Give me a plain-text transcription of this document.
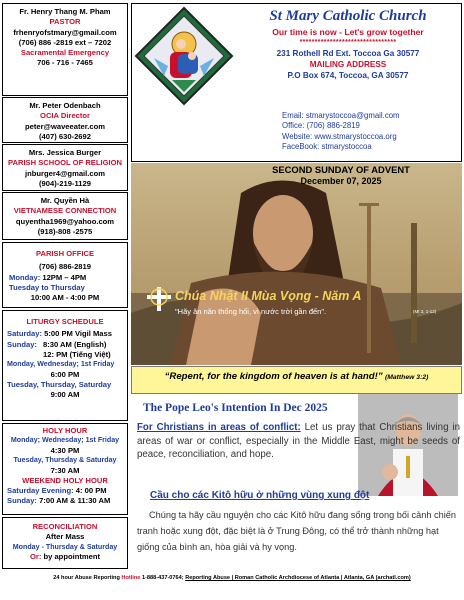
Fr. Henry Thang M. Pham
PASTOR
frhenryofstmary@gmail.com
(706) 886 -2819 ext – 7202
Sacramental Emergency
706 - 716 - 7465
Mr. Peter Odenbach
OCIA Director
peter@waveeater.com
(407) 630-2692
Mrs. Jessica Burger
PARISH SCHOOL OF RELIGION
jnburger4@gmail.com
(904)-219-1129
Mr. Quyền Hà
VIETNAMESE CONNECTION
quyentha1969@yahoo.com
(918)-808 -2575
PARISH OFFICE
(706) 886-2819
Monday: 12PM – 4PM
Tuesday to Thursday
10:00 AM - 4:00 PM
LITURGY SCHEDULE
Saturday: 5:00 PM Vigil Mass
Sunday: 8:30 AM (English)
12: PM (Tiếng Việt)
Monday, Wednesday; 1st Friday
6:00 PM
Tuesday, Thursday, Saturday
9:00 AM
HOLY HOUR
Monday; Wednesday; 1st Friday
4:30 PM
Tuesday, Thursday & Saturday
7:30 AM
WEEKEND HOLY HOUR
Saturday Evening: 4: 00 PM
Sunday: 7:00 AM & 11:30 AM
RECONCILIATION
After Mass
Monday - Thursday & Saturday
Or: by appointment
St Mary Catholic Church
Our time is now - Let's grow together
********************************
231 Rothell Rd Ext. Toccoa Ga 30577
MAILING ADDRESS
P.O Box 674, Toccoa, GA 30577
Email: stmarystoccoa@gmail.com
Office: (706) 886-2819
Website: www.stmarystoccoa.org
FaceBook: stmarystoccoa
Chúa Nhật II Mùa Vọng - Năm A
"Hãy ăn năn thống hối, vì nước trời gần đến".	(Mt 3, 1-12)
SECOND SUNDAY OF ADVENT
December 07, 2025
“Repent, for the kingdom of heaven is at hand!” (Matthew 3:2)
The Pope Leo's Intention In Dec 2025
For Christians in areas of conflict: Let us pray that Christians living in areas of war or conflict, especially in the Middle East, might be seeds of peace, reconciliation, and hope.
Cầu cho các Kitô hữu ở những vùng xung đột
Chúng ta hãy cầu nguyện cho các Kitô hữu đang sống trong bối cảnh chiến tranh hoặc xung đột, đặc biệt là ở Trung Đông, có thể trở thành những hạt giống của bình an, hòa giải và hy vọng.
24 hour Abuse Reporting Hotline 1-888-437-0764; Reporting Abuse | Roman Catholic Archdiocese of Atlanta | Atlanta, GA (archatl.com)
